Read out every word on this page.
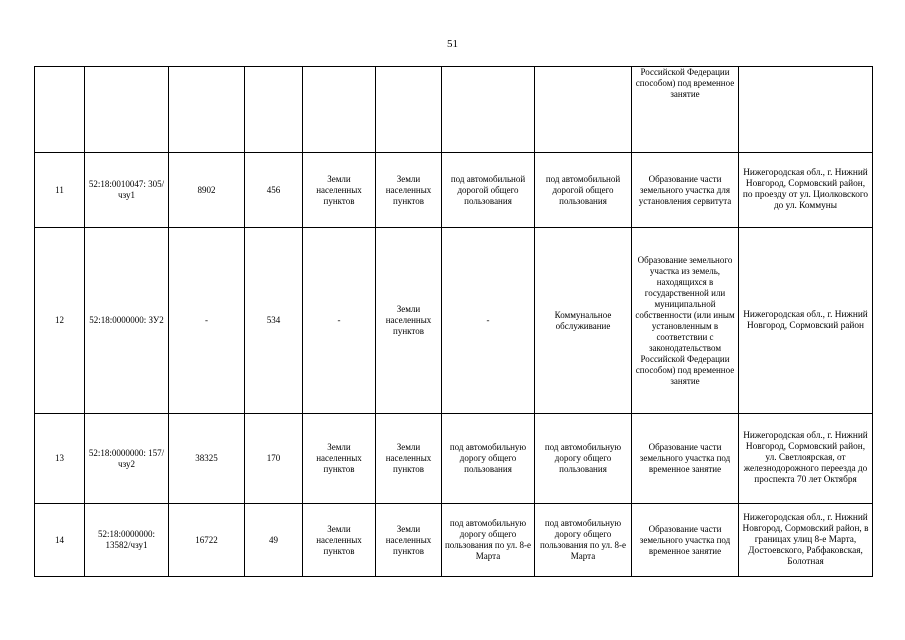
51
								Российской Федерации способом) под временное занятие	
11	52:18:0010047: 305/чзу1	8902	456	Земли населенных пунктов	Земли населенных пунктов	под автомобильной дорогой общего пользования	под автомобильной дорогой общего пользования	Образование части земельного участка для установления сервитута	Нижегородская обл., г. Нижний Новгород, Сормовский район, по проезду от ул. Циолковского до ул. Коммуны
12	52:18:0000000: ЗУ2	-	534	-	Земли населенных пунктов	-	Коммунальное обслуживание	Образование земельного участка из земель, находящихся в государственной или муниципальной собственности (или иным установленным в соответствии с законодательством Российской Федерации способом) под временное занятие	Нижегородская обл., г. Нижний Новгород, Сормовский район
13	52:18:0000000: 157/чзу2	38325	170	Земли населенных пунктов	Земли населенных пунктов	под автомобильную дорогу общего пользования	под автомобильную дорогу общего пользования	Образование части земельного участка под временное занятие	Нижегородская обл., г. Нижний Новгород, Сормовский район, ул. Светлоярская, от железнодорожного переезда до проспекта 70 лет Октября
14	52:18:0000000: 13582/чзу1	16722	49	Земли населенных пунктов	Земли населенных пунктов	под автомобильную дорогу общего пользования по ул. 8-е Марта	под автомобильную дорогу общего пользования по ул. 8-е Марта	Образование части земельного участка под временное занятие	Нижегородская обл., г. Нижний Новгород, Сормовский район, в границах улиц 8-е Марта, Достоевского, Рабфаковская, Болотная
